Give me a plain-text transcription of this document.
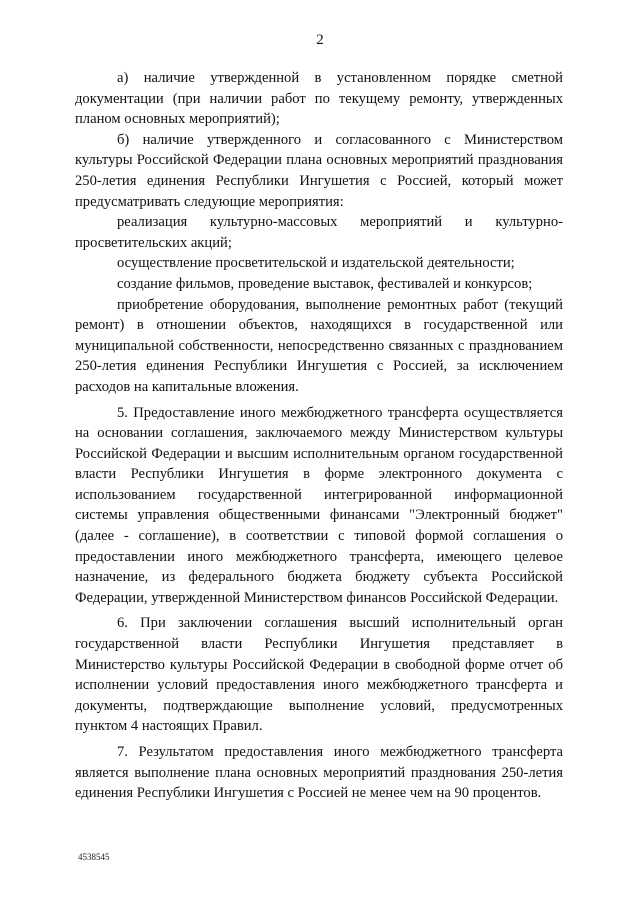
2

а) наличие утвержденной в установленном порядке сметной документации (при наличии работ по текущему ремонту, утвержденных планом основных мероприятий);

б) наличие утвержденного и согласованного с Министерством культуры Российской Федерации плана основных мероприятий празднования 250-летия единения Республики Ингушетия с Россией, который может предусматривать следующие мероприятия:

реализация культурно-массовых мероприятий и культурно-просветительских акций;

осуществление просветительской и издательской деятельности;

создание фильмов, проведение выставок, фестивалей и конкурсов;

приобретение оборудования, выполнение ремонтных работ (текущий ремонт) в отношении объектов, находящихся в государственной или муниципальной собственности, непосредственно связанных с празднованием 250-летия единения Республики Ингушетия с Россией, за исключением расходов на капитальные вложения.

5. Предоставление иного межбюджетного трансферта осуществляется на основании соглашения, заключаемого между Министерством культуры Российской Федерации и высшим исполнительным органом государственной власти Республики Ингушетия в форме электронного документа с использованием государственной интегрированной информационной системы управления общественными финансами "Электронный бюджет" (далее - соглашение), в соответствии с типовой формой соглашения о предоставлении иного межбюджетного трансферта, имеющего целевое назначение, из федерального бюджета бюджету субъекта Российской Федерации, утвержденной Министерством финансов Российской Федерации.

6. При заключении соглашения высший исполнительный орган государственной власти Республики Ингушетия представляет в Министерство культуры Российской Федерации в свободной форме отчет об исполнении условий предоставления иного межбюджетного трансферта и документы, подтверждающие выполнение условий, предусмотренных пунктом 4 настоящих Правил.

7. Результатом предоставления иного межбюджетного трансферта является выполнение плана основных мероприятий празднования 250-летия единения Республики Ингушетия с Россией не менее чем на 90 процентов.

4538545
